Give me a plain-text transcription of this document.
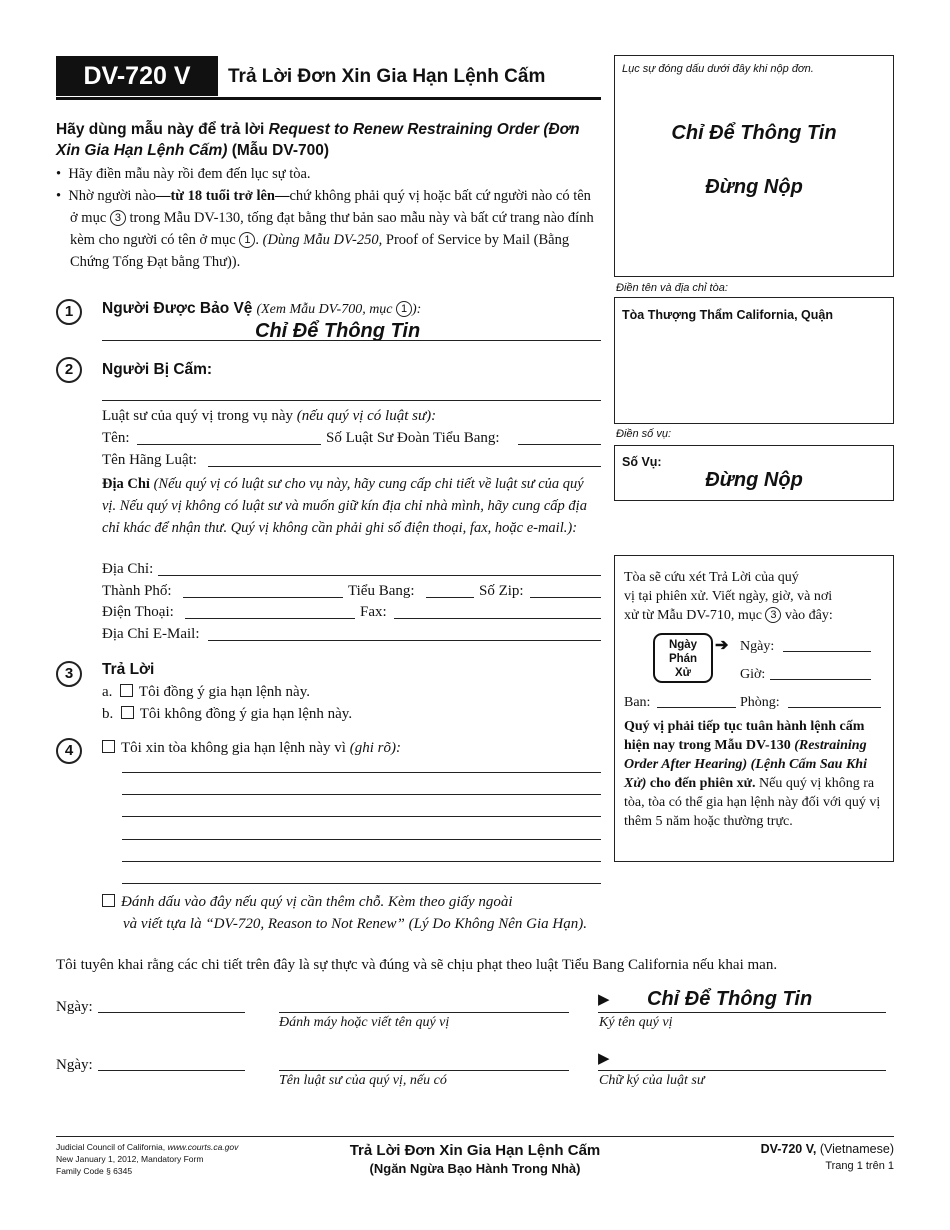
DV-720 V	Trả Lời Đơn Xin Gia Hạn Lệnh Cấm
Hãy dùng mẫu này để trả lời Request to Renew Restraining Order (Đơn Xin Gia Hạn Lệnh Cấm) (Mẫu DV-700)
•  Hãy điền mẫu này rồi đem đến lục sự tòa.
•  Nhờ người nào—từ 18 tuổi trở lên—chứ không phải quý vị hoặc bất cứ người nào có tên ở mục 3 trong Mẫu DV-130, tống đạt bằng thư bản sao mẫu này và bất cứ trang nào đính kèm cho người có tên ở mục 1 . (Dùng Mẫu DV-250, Proof of Service by Mail (Bằng Chứng Tống Đạt bằng Thư)).
Lục sự đóng dấu dưới đây khi nộp đơn.
Chỉ Để Thông Tin
Đừng Nộp
Điền tên và địa chỉ tòa:
Tòa Thượng Thẩm California, Quận
Điền số vụ:
Số Vụ:
Đừng Nộp
Tòa sẽ cứu xét Trả Lời của quý
vị tại phiên xử. Viết ngày, giờ, và nơi
xử từ Mẫu DV-710, mục 3 vào đây:
Ngày
Phán
Xử
➔ Ngày:
Giờ:
Ban:	Phòng:
Quý vị phải tiếp tục tuân hành lệnh cấm hiện nay trong Mẫu DV-130 (Restraining Order After Hearing) (Lệnh Cấm Sau Khi Xử) cho đến phiên xử. Nếu quý vị không ra tòa, tòa có thể gia hạn lệnh này đối với quý vị thêm 5 năm hoặc thường trực.
1	Người Được Bảo Vệ (Xem Mẫu DV-700, mục 1 ):
Chỉ Để Thông Tin
2	Người Bị Cấm:
Luật sư của quý vị trong vụ này (nếu quý vị có luật sư):
Tên:	Số Luật Sư Đoàn Tiểu Bang:
Tên Hãng Luật:
Địa Chỉ (Nếu quý vị có luật sư cho vụ này, hãy cung cấp chi tiết về luật sư của quý vị. Nếu quý vị không có luật sư và muốn giữ kín địa chỉ nhà mình, hãy cung cấp địa chỉ khác để nhận thư. Quý vị không cần phải ghi số điện thoại, fax, hoặc e-mail.):
Địa Chỉ:
Thành Phố:	Tiểu Bang:	Số Zip:
Điện Thoại:	Fax:
Địa Chỉ E-Mail:
3	Trả Lời
a. Tôi đồng ý gia hạn lệnh này.
b. Tôi không đồng ý gia hạn lệnh này.
4	Tôi xin tòa không gia hạn lệnh này vì (ghi rõ):
Đánh dấu vào đây nếu quý vị cần thêm chỗ. Kèm theo giấy ngoài
và viết tựa là “DV-720, Reason to Not Renew” (Lý Do Không Nên Gia Hạn).
Tôi tuyên khai rằng các chi tiết trên đây là sự thực và đúng và sẽ chịu phạt theo luật Tiểu Bang California nếu khai man.
Ngày:
Đánh máy hoặc viết tên quý vị
▶ Chỉ Để Thông Tin
Ký tên quý vị
Ngày:
Tên luật sư của quý vị, nếu có
▶
Chữ ký của luật sư
Judicial Council of California, www.courts.ca.gov
New January 1, 2012, Mandatory Form
Family Code § 6345
Trả Lời Đơn Xin Gia Hạn Lệnh Cấm
(Ngăn Ngừa Bạo Hành Trong Nhà)
DV-720 V, (Vietnamese)
Trang 1 trên 1
